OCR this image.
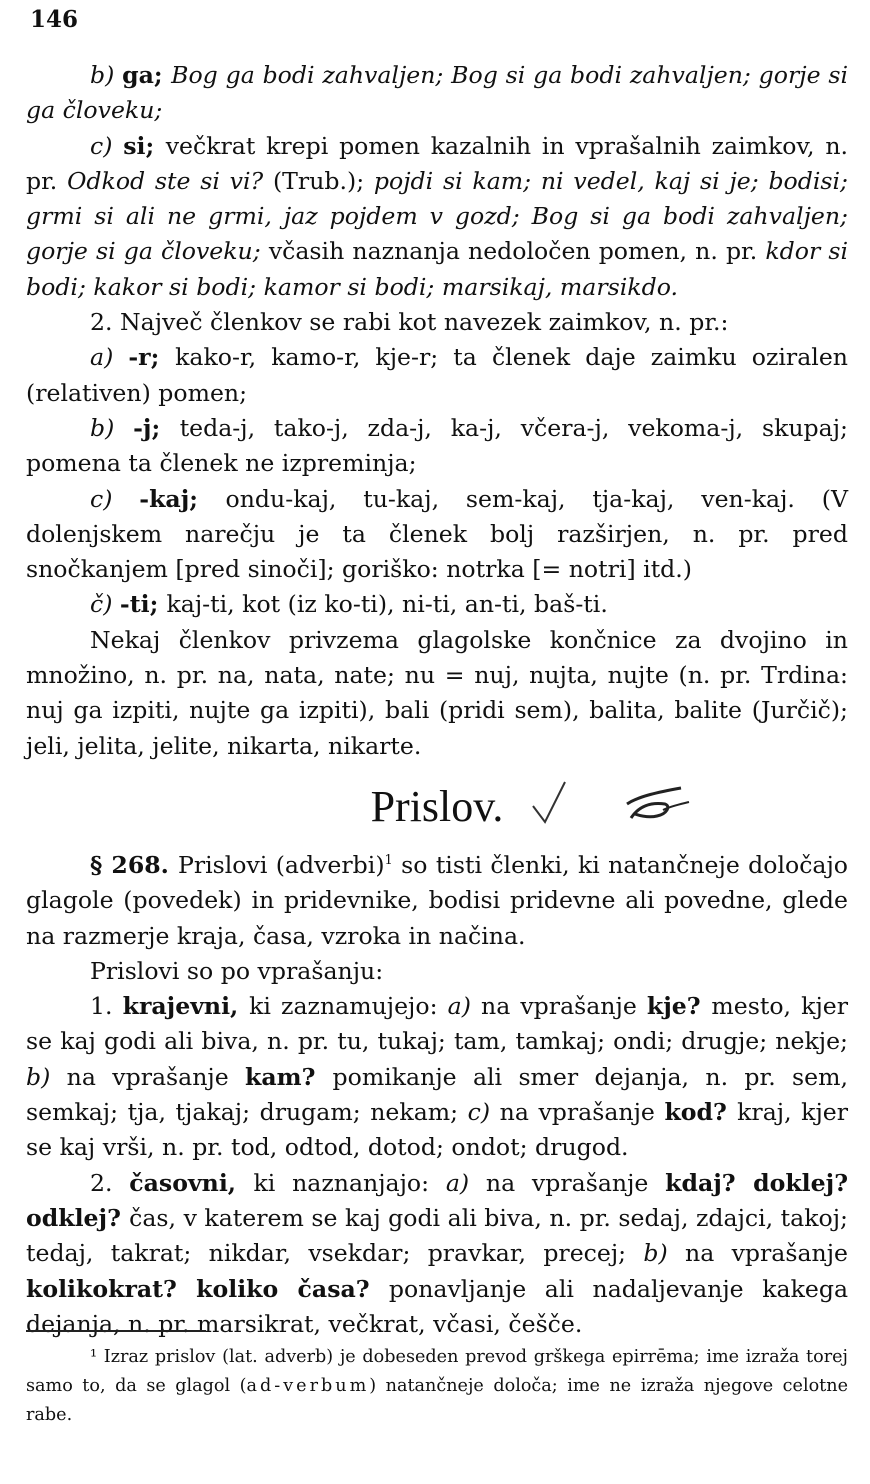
146

b) ga; Bog ga bodi zahvaljen; Bog si ga bodi zahvaljen; gorje si ga človeku;

c) si; večkrat krepi pomen kazalnih in vprašalnih zaimkov, n. pr. Odkod ste si vi? (Trub.); pojdi si kam; ni vedel, kaj si je; bodisi; grmi si ali ne grmi, jaz pojdem v gozd; Bog si ga bodi zahvaljen; gorje si ga človeku; včasih naznanja nedoločen pomen, n. pr. kdor si bodi; kakor si bodi; kamor si bodi; marsikaj, marsikdo.

2. Največ členkov se rabi kot navezek zaimkov, n. pr.:

a) -r; kako-r, kamo-r, kje-r; ta členek daje zaimku oziralen (relativen) pomen;

b) -j; teda-j, tako-j, zda-j, ka-j, včera-j, vekoma-j, skupaj; pomena ta členek ne izpreminja;

c) -kaj; ondu-kaj, tu-kaj, sem-kaj, tja-kaj, ven-kaj. (V dolenjskem narečju je ta členek bolj razširjen, n. pr. pred snočkanjem [pred sinoči]; goriško: notrka [= notri] itd.)

č) -ti; kaj-ti, kot (iz ko-ti), ni-ti, an-ti, baš-ti.

Nekaj členkov privzema glagolske končnice za dvojino in množino, n. pr. na, nata, nate; nu = nuj, nujta, nujte (n. pr. Trdina: nuj ga izpiti, nujte ga izpiti), bali (pridi sem), balita, balite (Jurčič); jeli, jelita, jelite, nikarta, nikarte.

Prislov.

§ 268. Prislovi (adverbi)$^1$ so tisti členki, ki natančneje določajo glagole (povedek) in pridevnike, bodisi pridevne ali povedne, glede na razmerje kraja, časa, vzroka in načina.

Prislovi so po vprašanju:

1. krajevni, ki zaznamujejo: a) na vprašanje kje? mesto, kjer se kaj godi ali biva, n. pr. tu, tukaj; tam, tamkaj; ondi; drugje; nekje; b) na vprašanje kam? pomikanje ali smer dejanja, n. pr. sem, semkaj; tja, tjakaj; drugam; nekam; c) na vprašanje kod? kraj, kjer se kaj vrši, n. pr. tod, odtod, dotod; ondot; drugod.

2. časovni, ki naznanjajo: a) na vprašanje kdaj? doklej? odklej? čas, v katerem se kaj godi ali biva, n. pr. sedaj, zdajci, takoj; tedaj, takrat; nikdar, vsekdar; pravkar, precej; b) na vprašanje kolikokrat? koliko časa? ponavljanje ali nadaljevanje kakega dejanja, n. pr. marsikrat, večkrat, včasi, češče.

¹ Izraz prislov (lat. adverb) je dobeseden prevod grškega epirrēma; ime izraža torej samo to, da se glagol (ad-verbum) natančneje določa; ime ne izraža njegove celotne rabe.
